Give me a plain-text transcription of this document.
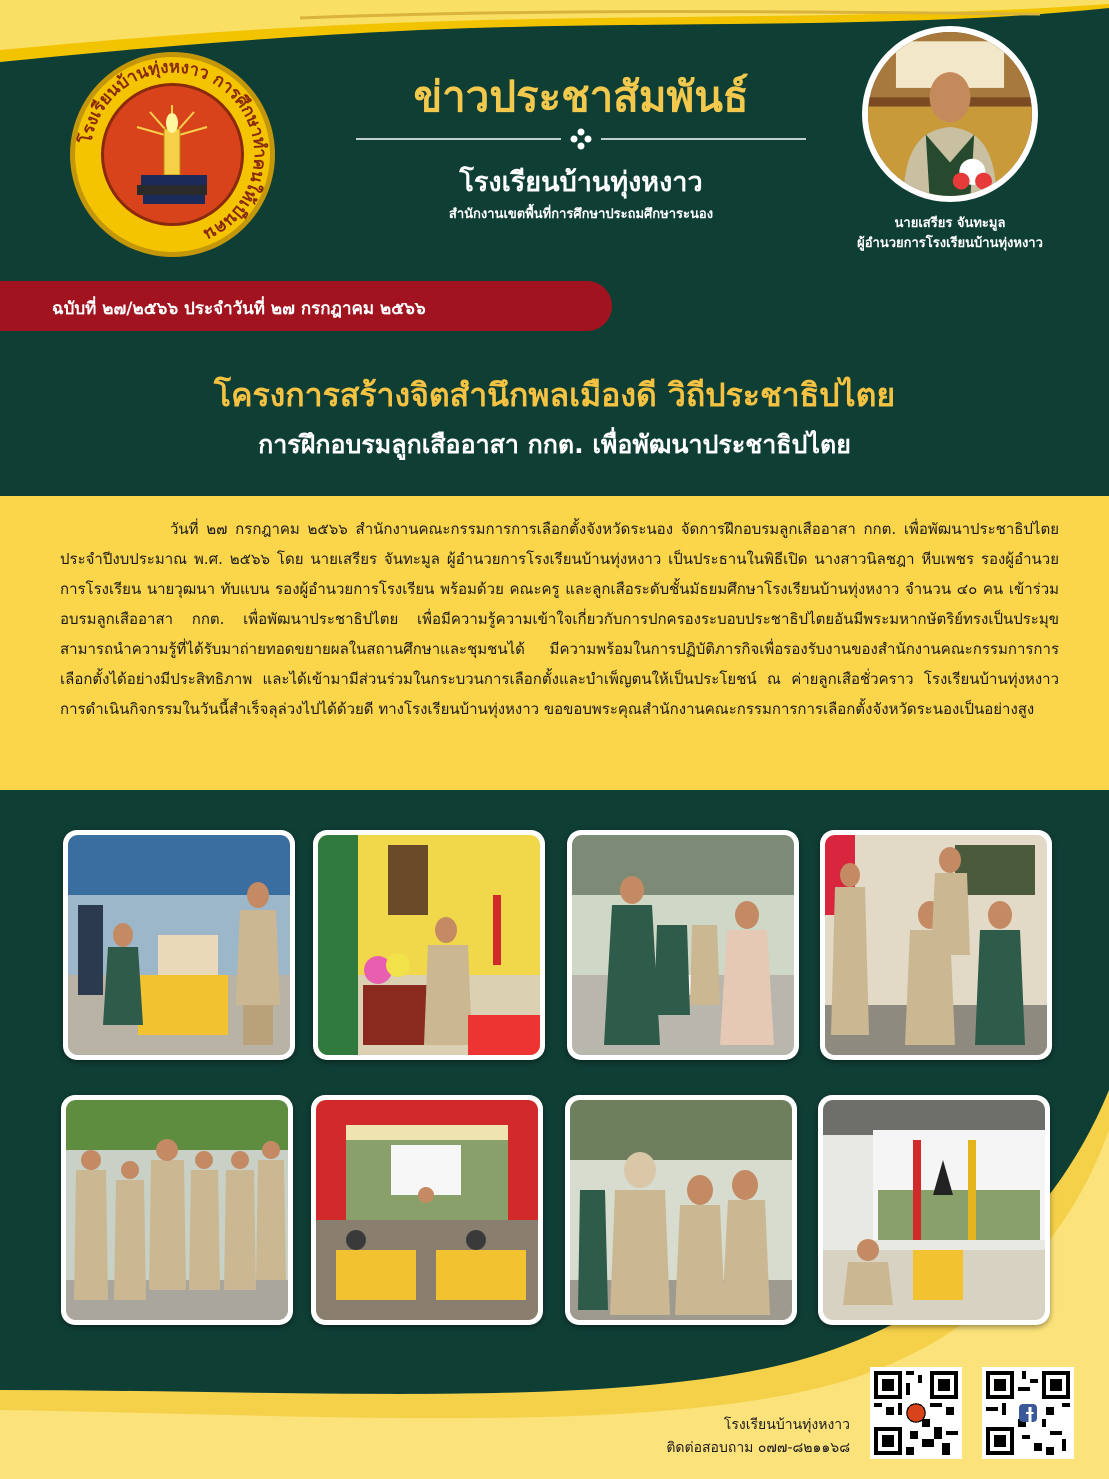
โรงเรียนบ้านทุ่งหงาว การศึกษาทำคนให้เป็นคน
ข่าวประชาสัมพันธ์
โรงเรียนบ้านทุ่งหงาว
สำนักงานเขตพื้นที่การศึกษาประถมศึกษาระนอง
นายเสรียร จันทะมูล
ผู้อำนวยการโรงเรียนบ้านทุ่งหงาว
ฉบับที่ ๒๗/๒๕๖๖ ประจำวันที่ ๒๗ กรกฎาคม ๒๕๖๖
โครงการสร้างจิตสำนึกพลเมืองดี วิถีประชาธิปไตย
การฝึกอบรมลูกเสืออาสา กกต. เพื่อพัฒนาประชาธิปไตย

วันที่ ๒๗ กรกฎาคม ๒๕๖๖ สำนักงานคณะกรรมการการเลือกตั้งจังหวัดระนอง จัดการฝึกอบรมลูกเสืออาสา กกต. เพื่อพัฒนาประชาธิปไตย ประจำปีงบประมาณ พ.ศ. ๒๕๖๖ โดย นายเสรียร จันทะมูล ผู้อำนวยการโรงเรียนบ้านทุ่งหงาว เป็นประธานในพิธีเปิด นางสาวนิลชฎา หีบเพชร รองผู้อำนวยการโรงเรียน นายวุฒนา ทับแบน รองผู้อำนวยการโรงเรียน พร้อมด้วย คณะครู และลูกเสือระดับชั้นมัธยมศึกษาโรงเรียนบ้านทุ่งหงาว จำนวน ๔๐ คน เข้าร่วมอบรมลูกเสืออาสา กกต. เพื่อพัฒนาประชาธิปไตย เพื่อมีความรู้ความเข้าใจเกี่ยวกับการปกครองระบอบประชาธิปไตยอันมีพระมหากษัตริย์ทรงเป็นประมุข สามารถนำความรู้ที่ได้รับมาถ่ายทอดขยายผลในสถานศึกษาและชุมชนได้ มีความพร้อมในการปฏิบัติภารกิจเพื่อรองรับงานของสำนักงานคณะกรรมการการเลือกตั้งได้อย่างมีประสิทธิภาพ และได้เข้ามามีส่วนร่วมในกระบวนการเลือกตั้งและบำเพ็ญตนให้เป็นประโยชน์ ณ ค่ายลูกเสือชั่วคราว โรงเรียนบ้านทุ่งหงาว การดำเนินกิจกรรมในวันนี้สำเร็จลุล่วงไปได้ด้วยดี ทางโรงเรียนบ้านทุ่งหงาว ขอขอบพระคุณสำนักงานคณะกรรมการการเลือกตั้งจังหวัดระนองเป็นอย่างสูง

โรงเรียนบ้านทุ่งหงาว
ติดต่อสอบถาม ๐๗๗-๘๒๑๑๖๘
